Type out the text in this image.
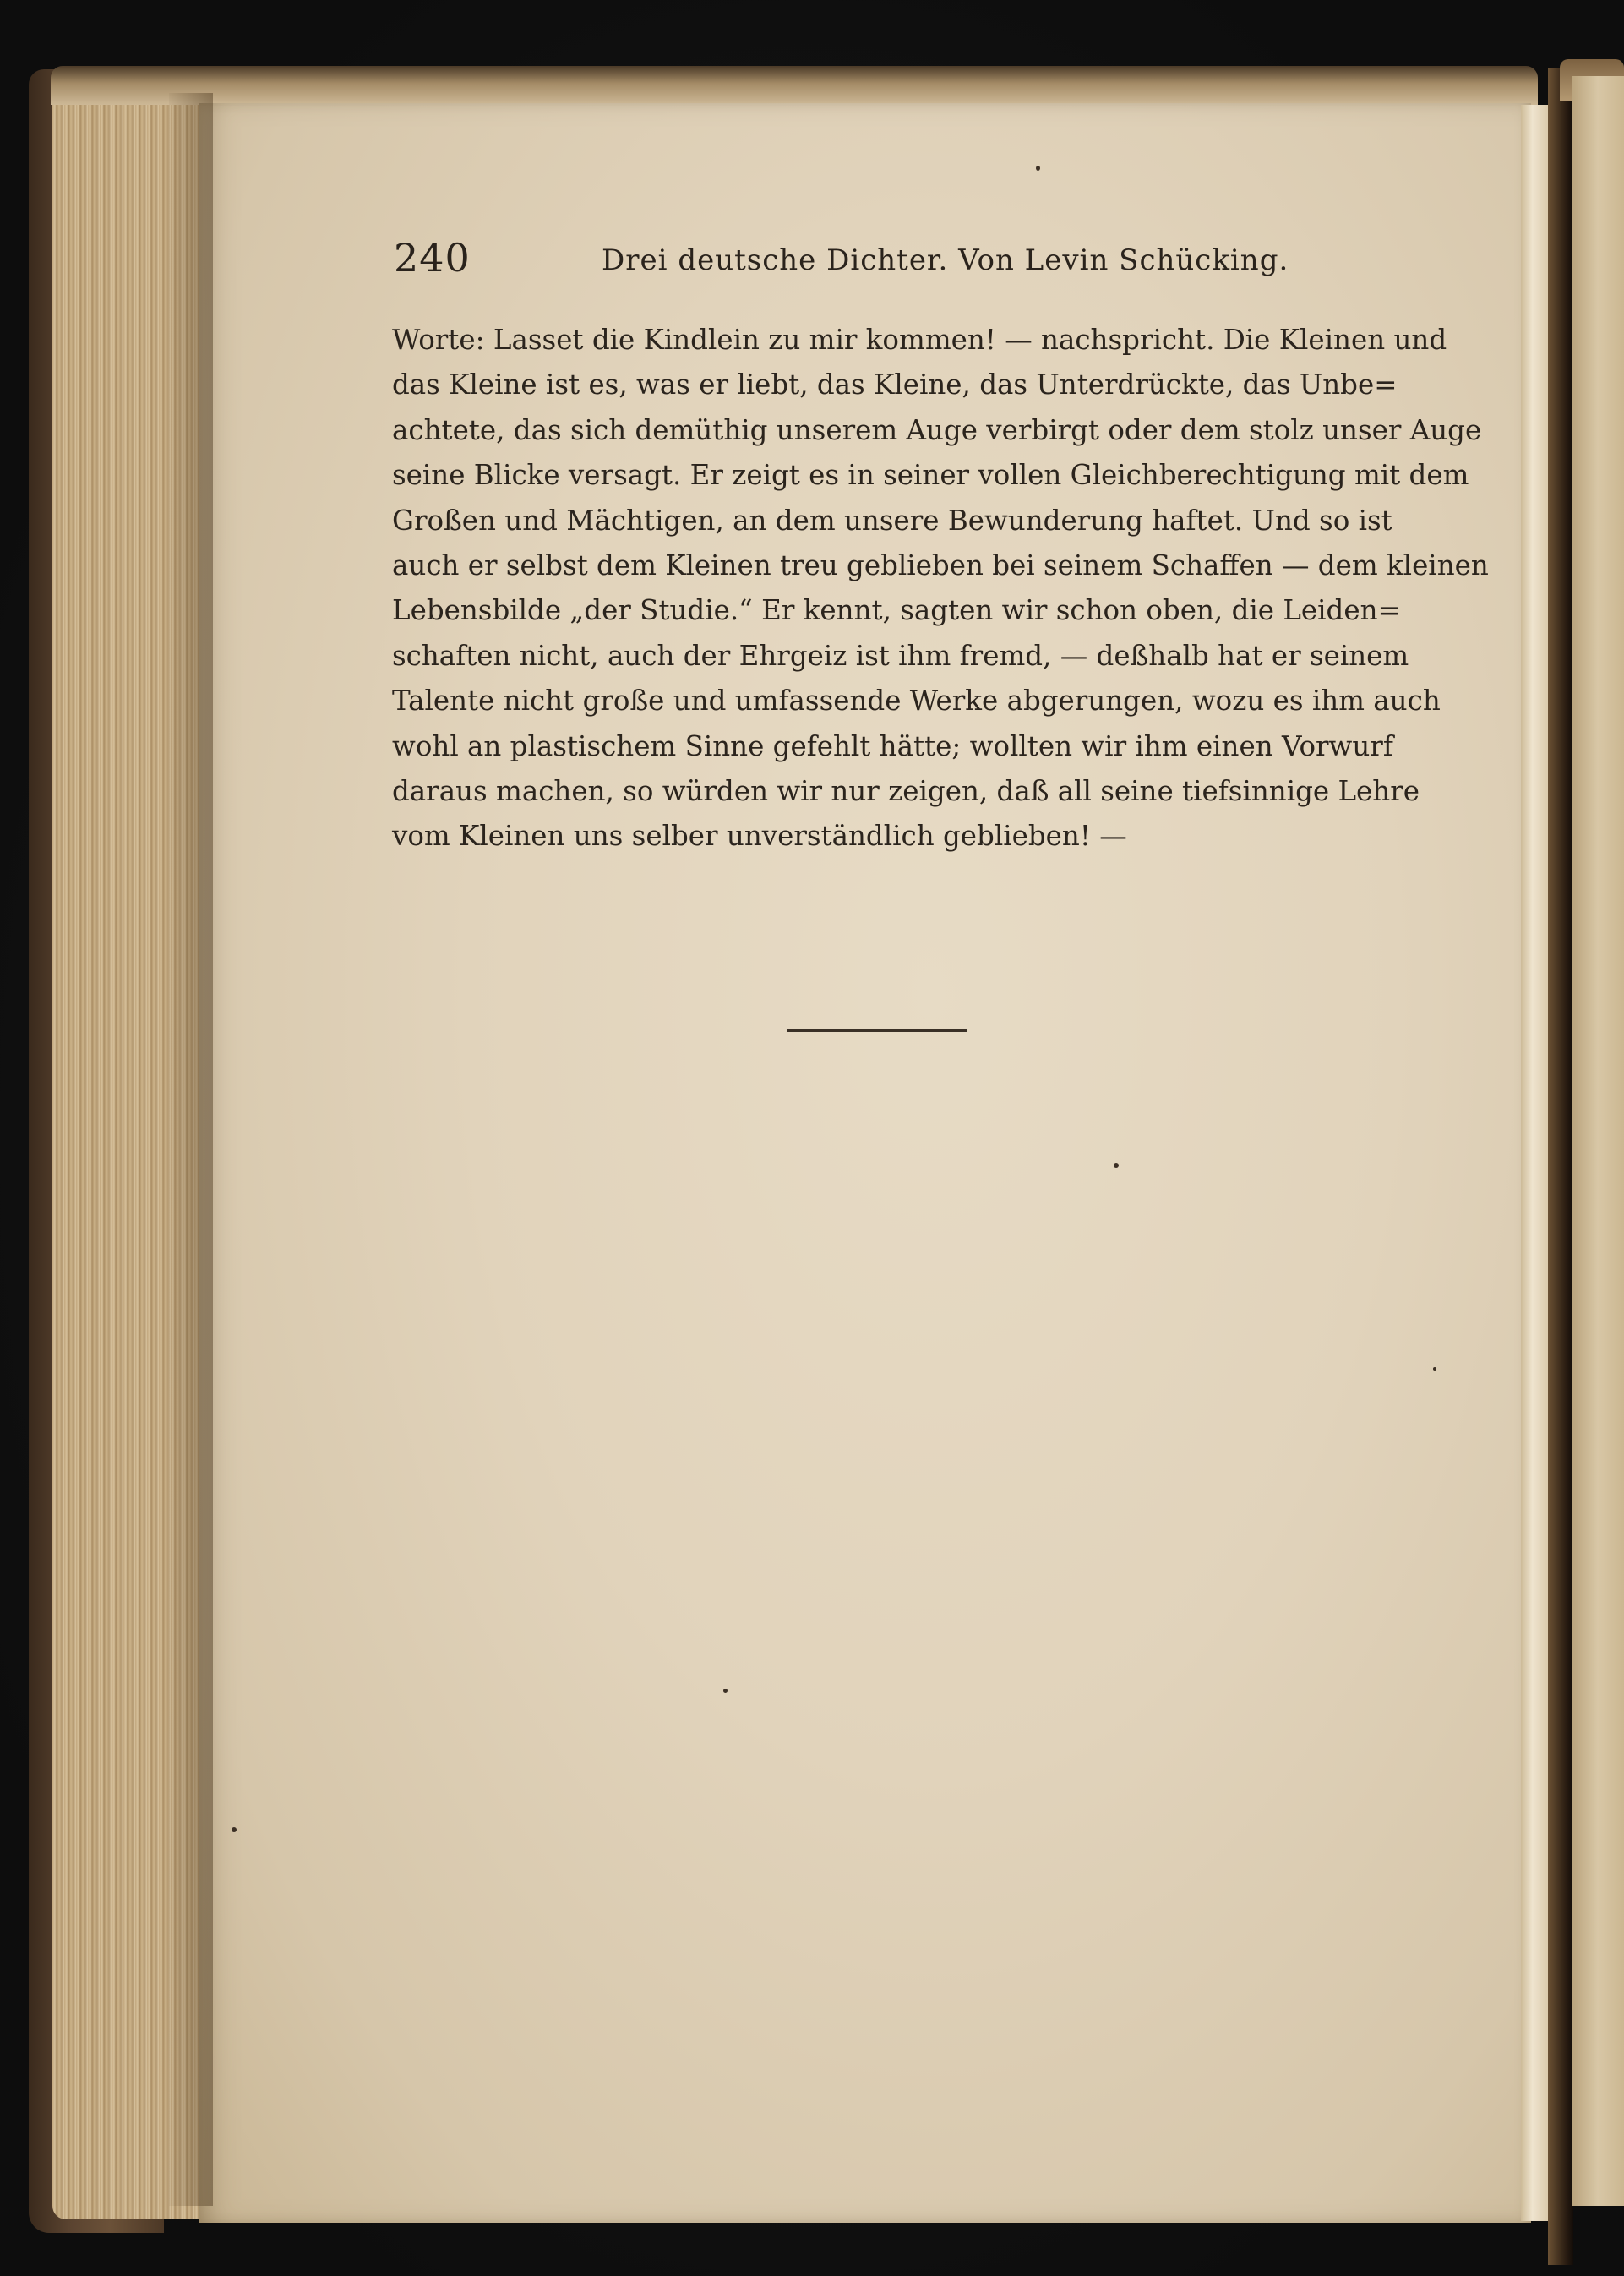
240	Drei deutsche Dichter. Von Levin Schücking.
Worte: Lasset die Kindlein zu mir kommen! — nachspricht. Die Kleinen und
das Kleine ist es, was er liebt, das Kleine, das Unterdrückte, das Unbe=
achtete, das sich demüthig unserem Auge verbirgt oder dem stolz unser Auge
seine Blicke versagt. Er zeigt es in seiner vollen Gleichberechtigung mit dem
Großen und Mächtigen, an dem unsere Bewunderung haftet. Und so ist
auch er selbst dem Kleinen treu geblieben bei seinem Schaffen — dem kleinen
Lebensbilde „der Studie.“ Er kennt, sagten wir schon oben, die Leiden=
schaften nicht, auch der Ehrgeiz ist ihm fremd, — deßhalb hat er seinem
Talente nicht große und umfassende Werke abgerungen, wozu es ihm auch
wohl an plastischem Sinne gefehlt hätte; wollten wir ihm einen Vorwurf
daraus machen, so würden wir nur zeigen, daß all seine tiefsinnige Lehre
vom Kleinen uns selber unverständlich geblieben! —
